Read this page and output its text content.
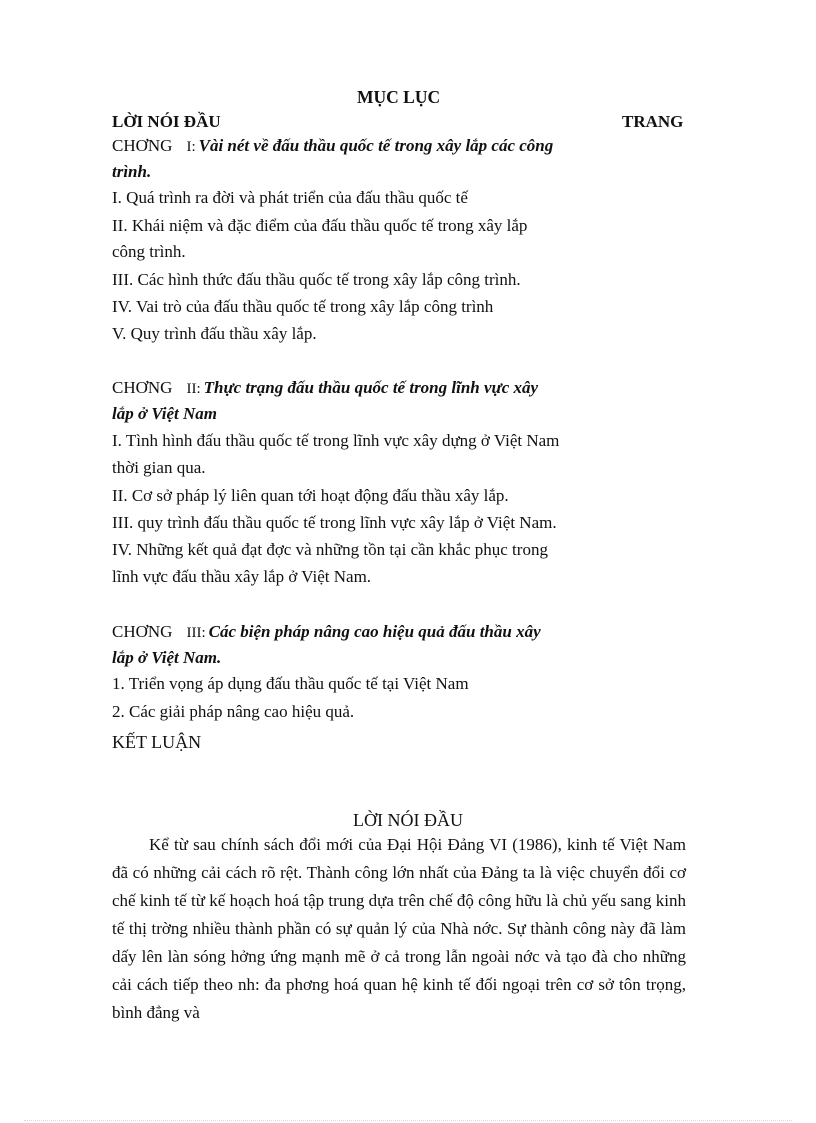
MỤC LỤC
LỜI NÓI ĐẦU	TRANG
CHƠNG I: Vài nét về đấu thầu quốc tế trong xây lắp các công
trình.
I. Quá trình ra đời và phát triển của đấu thầu quốc tế
II. Khái niệm và đặc điểm của đấu thầu quốc tế trong xây lắp
công trình.
III. Các hình thức đấu thầu quốc tế trong xây lắp công trình.
IV. Vai trò của đấu thầu quốc tế trong xây lắp công trình
V. Quy trình đấu thầu xây lắp.
CHƠNG II: Thực trạng đấu thầu quốc tế trong lĩnh vực xây
lắp ở Việt Nam
I. Tình hình đấu thầu quốc tế trong lĩnh vực xây dựng ở Việt Nam
thời gian qua.
II. Cơ sở pháp lý liên quan tới hoạt động đấu thầu xây lắp.
III. quy trình đấu thầu quốc tế trong lĩnh vực xây lắp ở Việt Nam.
IV. Những kết quả đạt đợc và những tồn tại cần khắc phục trong
lĩnh vực đấu thầu xây lắp ở Việt Nam.
CHƠNG III: Các biện pháp nâng cao hiệu quả đấu thầu xây
lắp ở Việt Nam.
1. Triển vọng áp dụng đấu thầu quốc tế tại Việt Nam
2. Các giải pháp nâng cao hiệu quả.
KẾT LUẬN
LỜI NÓI ĐẦU
Kể từ sau chính sách đổi mới của Đại Hội Đảng VI (1986), kinh tế Việt Nam đã có những cải cách rõ rệt. Thành công lớn nhất của Đảng ta là việc chuyển đổi cơ chế kinh tế từ kế hoạch hoá tập trung dựa trên chế độ công hữu là chủ yếu sang kinh tế thị trờng nhiều thành phần có sự quản lý của Nhà nớc. Sự thành công này đã làm dấy lên làn sóng hởng ứng mạnh mẽ ở cả trong lẫn ngoài nớc và tạo đà cho những cải cách tiếp theo nh: đa phơng hoá quan hệ kinh tế đối ngoại trên cơ sở tôn trọng, bình đẳng và
